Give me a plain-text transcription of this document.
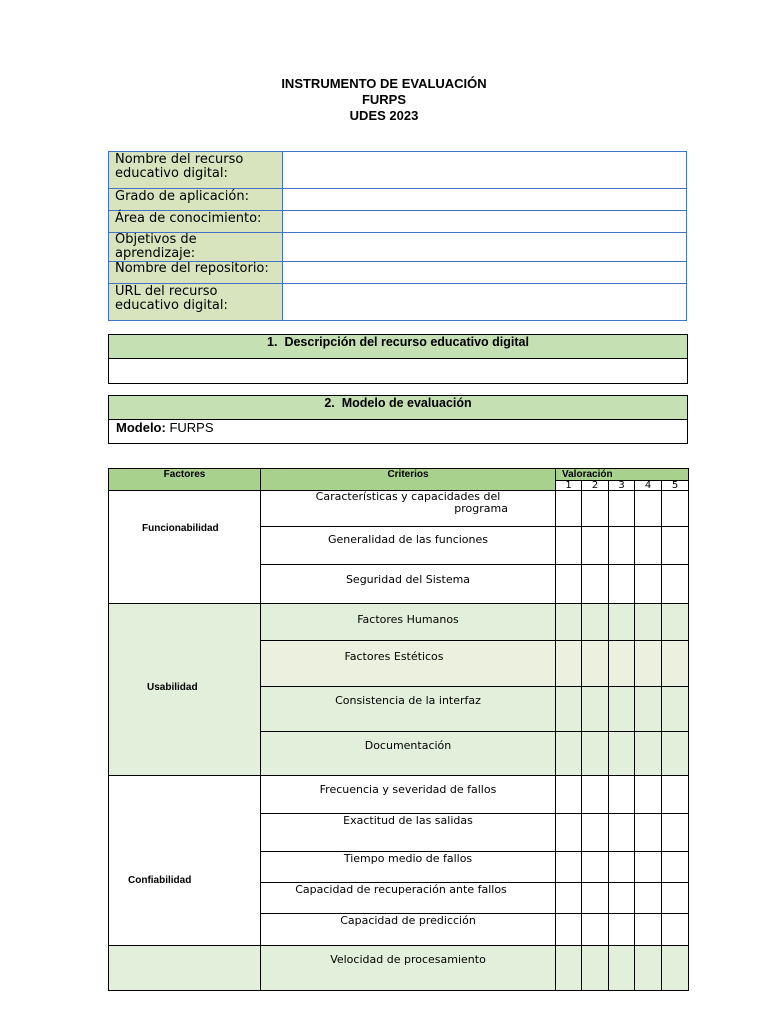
INSTRUMENTO DE EVALUACIÓN
FURPS
UDES 2023
Nombre del recurso
educativo digital:	

Grado de aplicación:	

Área de conocimiento:	

Objetivos de
aprendizaje:	

Nombre del repositorio:	

URL del recurso
educativo digital:	

1. Descripción del recurso educativo digital
2. Modelo de evaluación
Modelo: FURPS
Factores	Criterios	Valoración				
		1	2	3	4	5
Funcionabilidad	Características y capacidades del
programa					

	Generalidad de las funciones					
	Seguridad del Sistema					
Usabilidad	Factores Humanos					
	Factores Estéticos					
	Consistencia de la interfaz					
	Documentación					
Confiabilidad	Frecuencia y severidad de fallos					
	Exactitud de las salidas					
	Tiempo medio de fallos					
	Capacidad de recuperación ante fallos					
	Capacidad de predicción					
	Velocidad de procesamiento					
